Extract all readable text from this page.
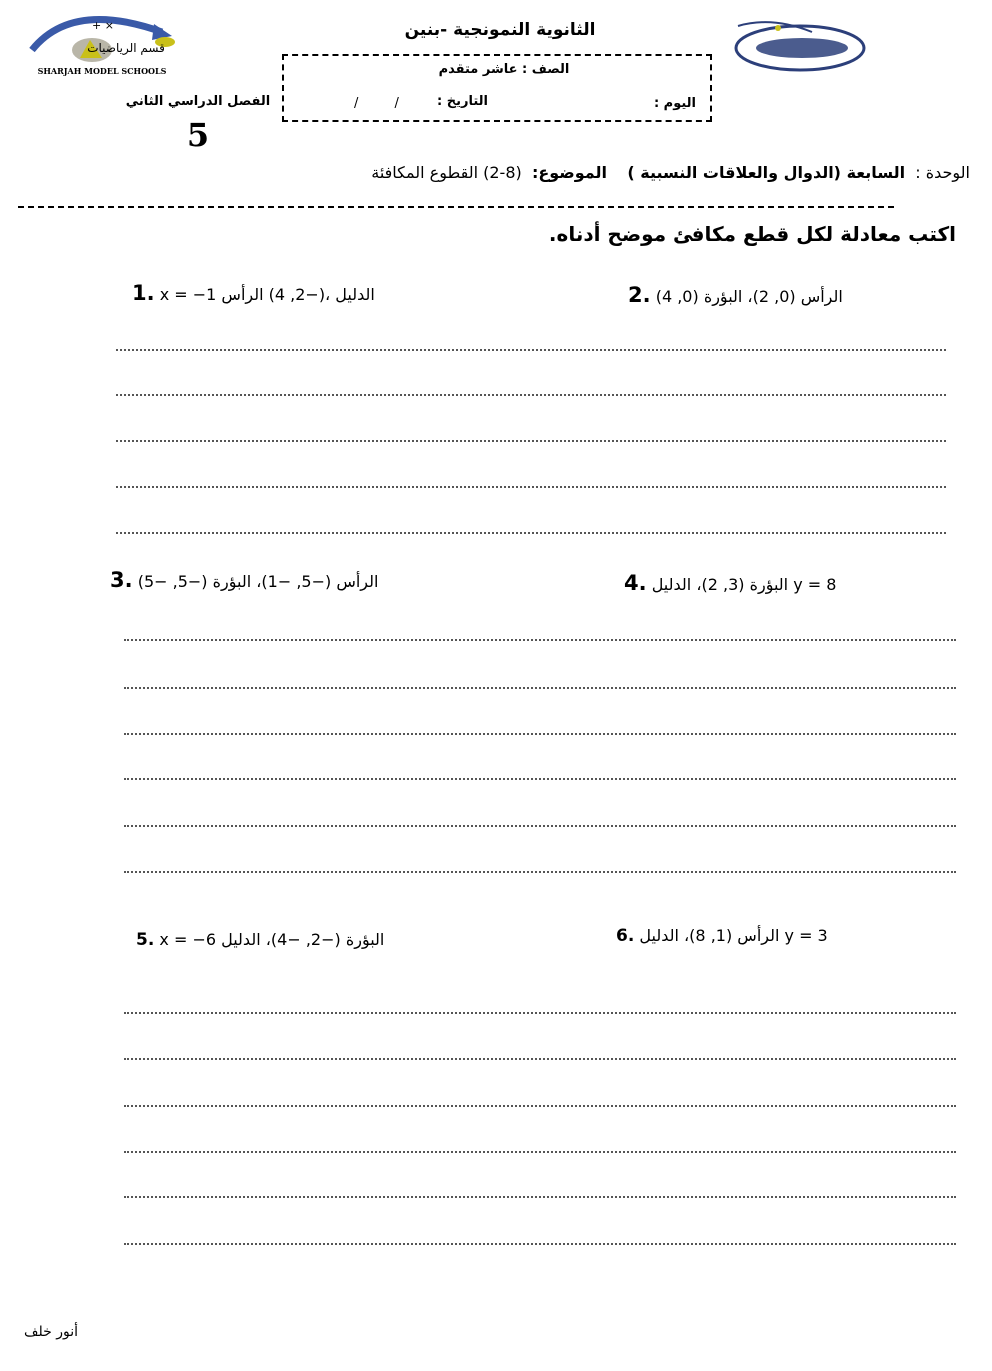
+ ×
قسم الرياضيات
SHARJAH MODEL SCHOOLS
الثانوية النمونجية -بنين
الصف : عاشر متقدم
اليوم :
التاريخ :
/ /
الفصل الدراسي الثاني
5
الوحدة :  السابعة (الدوال والعلاقات النسبية )    الموضوع:  (8-2) القطوع المكافئة
اكتب معادلة لكل قطع مكافئ موضح أدناه.
1. x = −1 الدليل ،(−2, 4) الرأس	2. الرأس (0, 2)، البؤرة (0, 4)
3. الرأس (−5, −1)، البؤرة (−5, −5)	4. البؤرة (3, 2)، الدليل y = 8
5. x = −6 البؤرة (−2, −4)، الدليل	6. الرأس (1, 8)، الدليل y = 3
أنور خلف
